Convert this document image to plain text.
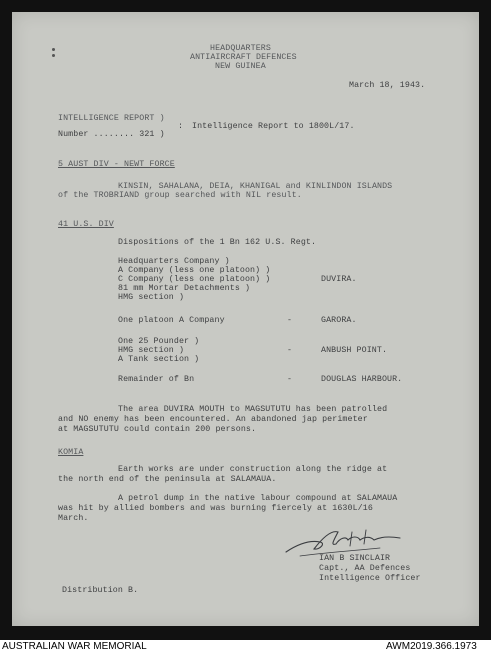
HEADQUARTERS
ANTIAIRCRAFT DEFENCES
NEW GUINEA
March 18, 1943.
INTELLIGENCE REPORT )
: Intelligence Report to 1800L/17.
Number ........ 321 )
5 AUST DIV - NEWT FORCE
KINSIN, SAHALANA, DEIA, KHANIGAL and KINLINDON ISLANDS
of the TROBRIAND group searched with NIL result.
41 U.S. DIV
Dispositions of the 1 Bn 162 U.S. Regt.
Headquarters Company )
A Company (less one platoon) )
C Company (less one platoon) )
81 mm Mortar Detachments )
HMG section )
DUVIRA.
One platoon A Company	-	GARORA.
One 25 Pounder )
HMG section )
A Tank section )
-	ANBUSH POINT.
Remainder of Bn	-	DOUGLAS HARBOUR.
The area DUVIRA MOUTH to MAGSUTUTU has been patrolled
and NO enemy has been encountered. An abandoned jap perimeter
at MAGSUTUTU could contain 200 persons.
KOMIA
Earth works are under construction along the ridge at
the north end of the peninsula at SALAMAUA.
A petrol dump in the native labour compound at SALAMAUA
was hit by allied bombers and was burning fiercely at 1630L/16
March.
IAN B SINCLAIR
Capt., AA Defences
Intelligence Officer
Distribution B.
AUSTRALIAN WAR MEMORIAL	AWM2019.366.1973
